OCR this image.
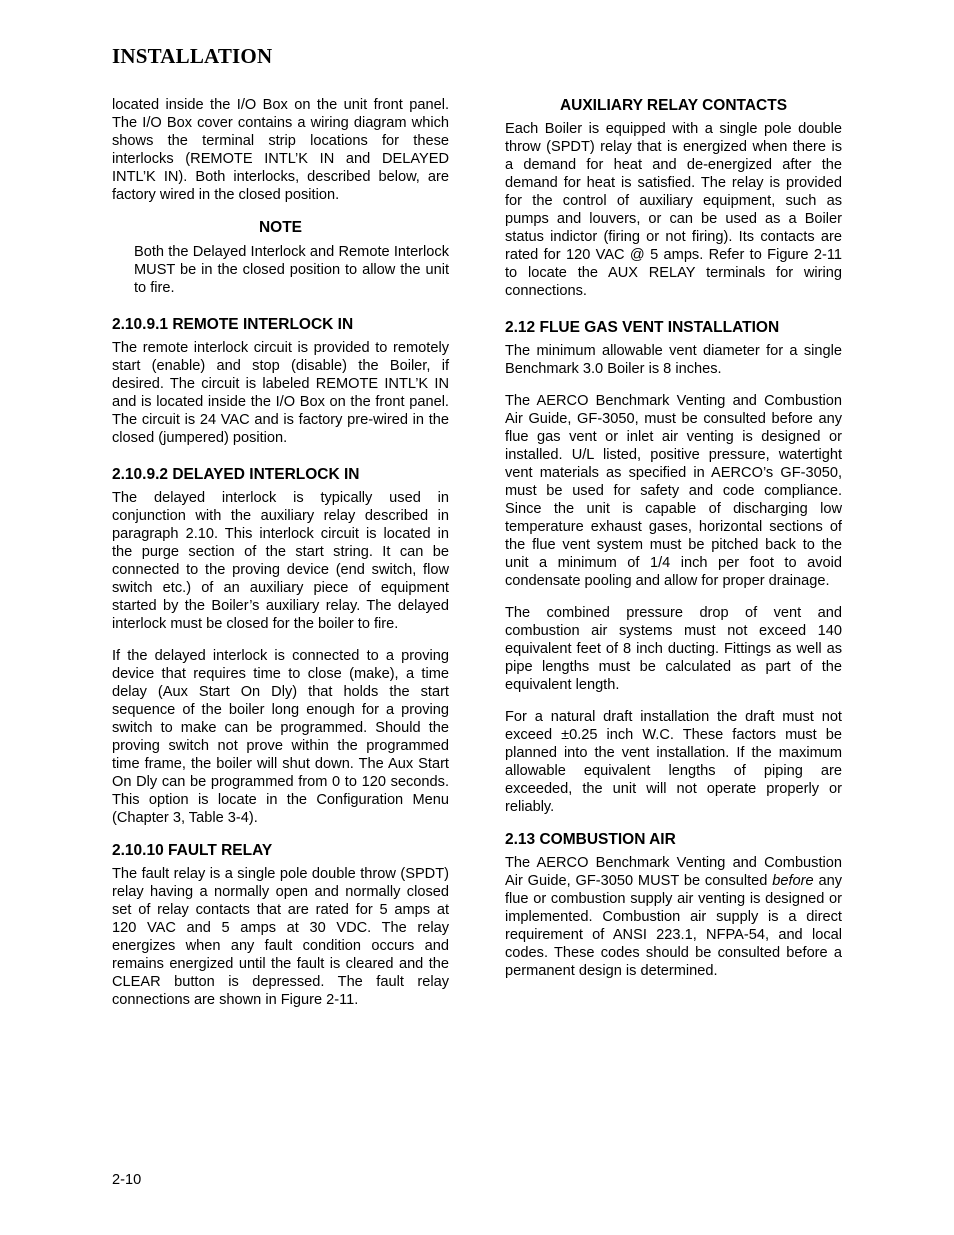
INSTALLATION

located inside the I/O Box on the unit front panel. The I/O Box cover contains a wiring diagram which shows the terminal strip locations for these interlocks (REMOTE INTL’K IN and DELAYED INTL’K IN). Both interlocks, described below, are factory wired in the closed position.

NOTE

Both the Delayed Interlock and Remote Interlock MUST be in the closed position to allow the unit to fire.

2.10.9.1 REMOTE INTERLOCK IN

The remote interlock circuit is provided to remotely start (enable) and stop (disable) the Boiler, if desired. The circuit is labeled REMOTE INTL’K IN and is located inside the I/O Box on the front panel. The circuit is 24 VAC and is factory pre-wired in the closed (jumpered) position.

2.10.9.2 DELAYED INTERLOCK IN

The delayed interlock is typically used in conjunction with the auxiliary relay described in paragraph 2.10. This interlock circuit is located in the purge section of the start string. It can be connected to the proving device (end switch, flow switch etc.) of an auxiliary piece of equipment started by the Boiler’s auxiliary relay. The delayed interlock must be closed for the boiler to fire.

If the delayed interlock is connected to a proving device that requires time to close (make), a time delay (Aux Start On Dly) that holds the start sequence of the boiler long enough for a proving switch to make can be programmed. Should the proving switch not prove within the programmed time frame, the boiler will shut down. The Aux Start On Dly can be programmed from 0 to 120 seconds. This option is locate in the Configuration Menu (Chapter 3, Table 3-4).

2.10.10 FAULT RELAY

The fault relay is a single pole double throw (SPDT) relay having a normally open and normally closed set of relay contacts that are rated for 5 amps at 120 VAC and 5 amps at 30 VDC. The relay energizes when any fault condition occurs and remains energized until the fault is cleared and the CLEAR button is depressed. The fault relay connections are shown in Figure 2-11.

AUXILIARY RELAY CONTACTS

Each Boiler is equipped with a single pole double throw (SPDT) relay that is energized when there is a demand for heat and de-energized after the demand for heat is satisfied. The relay is provided for the control of auxiliary equipment, such as pumps and louvers, or can be used as a Boiler status indictor (firing or not firing). Its contacts are rated for 120 VAC @ 5 amps. Refer to Figure 2-11 to locate the AUX RELAY terminals for wiring connections.

2.12 FLUE GAS VENT INSTALLATION

The minimum allowable vent diameter for a single Benchmark 3.0 Boiler is 8 inches.

The AERCO Benchmark Venting and Combustion Air Guide, GF-3050, must be consulted before any flue gas vent or inlet air venting is designed or installed. U/L listed, positive pressure, watertight vent materials as specified in AERCO’s GF-3050, must be used for safety and code compliance. Since the unit is capable of discharging low temperature exhaust gases, horizontal sections of the flue vent system must be pitched back to the unit a minimum of 1/4 inch per foot to avoid condensate pooling and allow for proper drainage.

The combined pressure drop of vent and combustion air systems must not exceed 140 equivalent feet of 8 inch ducting. Fittings as well as pipe lengths must be calculated as part of the equivalent length.

For a natural draft installation the draft must not exceed ±0.25 inch W.C. These factors must be planned into the vent installation. If the maximum allowable equivalent lengths of piping are exceeded, the unit will not operate properly or reliably.

2.13 COMBUSTION AIR

The AERCO Benchmark Venting and Combustion Air Guide, GF-3050 MUST be consulted before any flue or combustion supply air venting is designed or implemented. Combustion air supply is a direct requirement of ANSI 223.1, NFPA-54, and local codes. These codes should be consulted before a permanent design is determined.

2-10
